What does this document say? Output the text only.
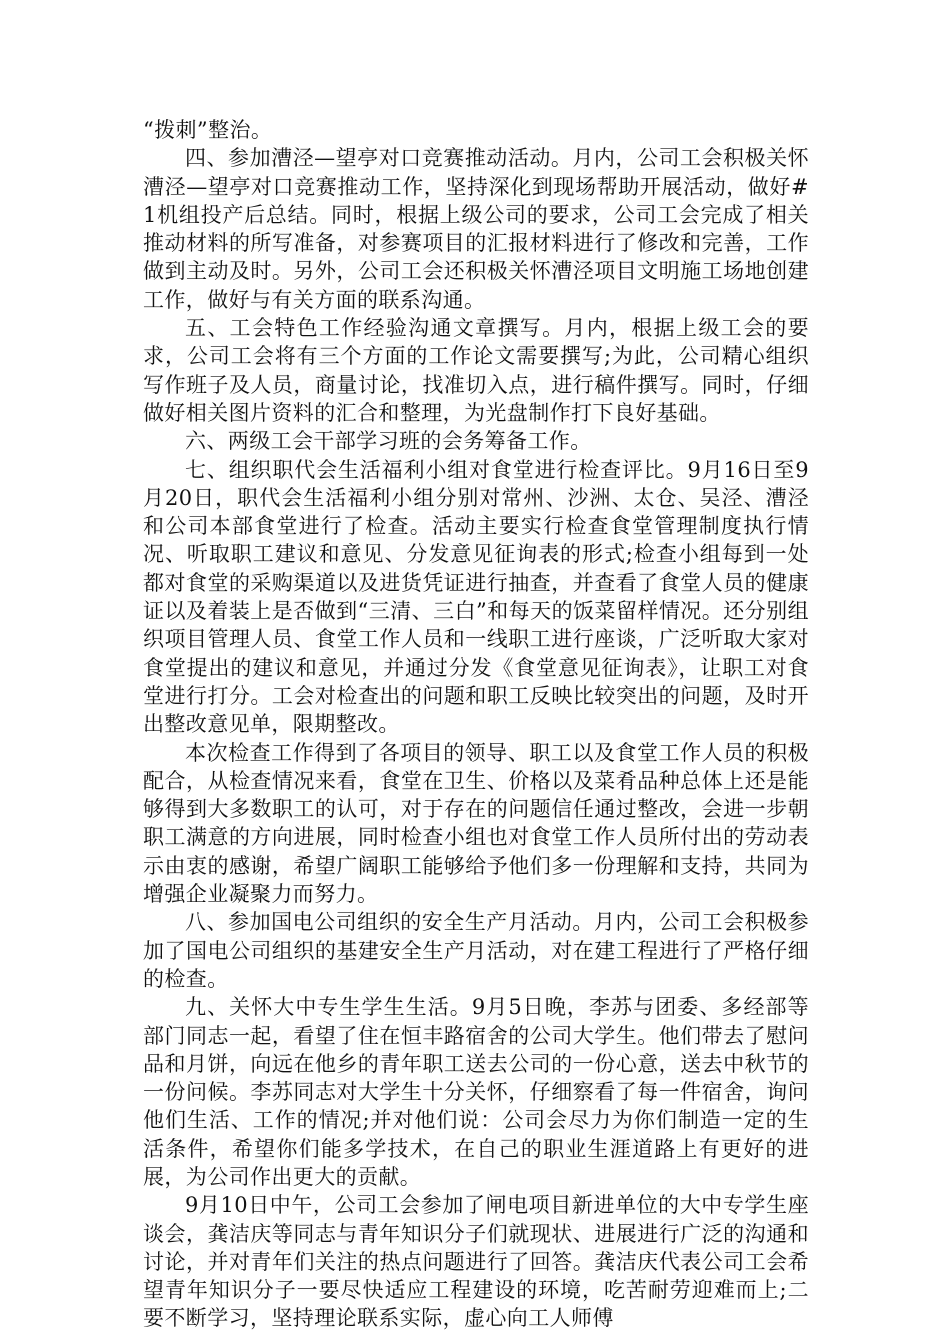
“拨刺”整治。

四、参加漕泾—望亭对口竞赛推动活动。月内，公司工会积极关怀漕泾—望亭对口竞赛推动工作，坚持深化到现场帮助开展活动，做好#1机组投产后总结。同时，根据上级公司的要求，公司工会完成了相关推动材料的所写准备，对参赛项目的汇报材料进行了修改和完善，工作做到主动及时。另外，公司工会还积极关怀漕泾项目文明施工场地创建工作，做好与有关方面的联系沟通。

五、工会特色工作经验沟通文章撰写。月内，根据上级工会的要求，公司工会将有三个方面的工作论文需要撰写;为此，公司精心组织写作班子及人员，商量讨论，找准切入点，进行稿件撰写。同时，仔细做好相关图片资料的汇合和整理，为光盘制作打下良好基础。

六、两级工会干部学习班的会务筹备工作。

七、组织职代会生活福利小组对食堂进行检查评比。9月16日至9月20日，职代会生活福利小组分别对常州、沙洲、太仓、吴泾、漕泾和公司本部食堂进行了检查。活动主要实行检查食堂管理制度执行情况、听取职工建议和意见、分发意见征询表的形式;检查小组每到一处都对食堂的采购渠道以及进货凭证进行抽查，并查看了食堂人员的健康证以及着装上是否做到“三清、三白”和每天的饭菜留样情况。还分别组织项目管理人员、食堂工作人员和一线职工进行座谈，广泛听取大家对食堂提出的建议和意见，并通过分发《食堂意见征询表》，让职工对食堂进行打分。工会对检查出的问题和职工反映比较突出的问题，及时开出整改意见单，限期整改。

本次检查工作得到了各项目的领导、职工以及食堂工作人员的积极配合，从检查情况来看，食堂在卫生、价格以及菜肴品种总体上还是能够得到大多数职工的认可，对于存在的问题信任通过整改，会进一步朝职工满意的方向进展，同时检查小组也对食堂工作人员所付出的劳动表示由衷的感谢，希望广阔职工能够给予他们多一份理解和支持，共同为增强企业凝聚力而努力。

八、参加国电公司组织的安全生产月活动。月内，公司工会积极参加了国电公司组织的基建安全生产月活动，对在建工程进行了严格仔细的检查。

九、关怀大中专生学生生活。9月5日晚，李苏与团委、多经部等部门同志一起，看望了住在恒丰路宿舍的公司大学生。他们带去了慰问品和月饼，向远在他乡的青年职工送去公司的一份心意，送去中秋节的一份问候。李苏同志对大学生十分关怀，仔细察看了每一件宿舍，询问他们生活、工作的情况;并对他们说：公司会尽力为你们制造一定的生活条件，希望你们能多学技术，在自己的职业生涯道路上有更好的进展，为公司作出更大的贡献。

9月10日中午，公司工会参加了闸电项目新进单位的大中专学生座谈会，龚洁庆等同志与青年知识分子们就现状、进展进行广泛的沟通和讨论，并对青年们关注的热点问题进行了回答。龚洁庆代表公司工会希望青年知识分子一要尽快适应工程建设的环境，吃苦耐劳迎难而上;二要不断学习，坚持理论联系实际，虚心向工人师傅
